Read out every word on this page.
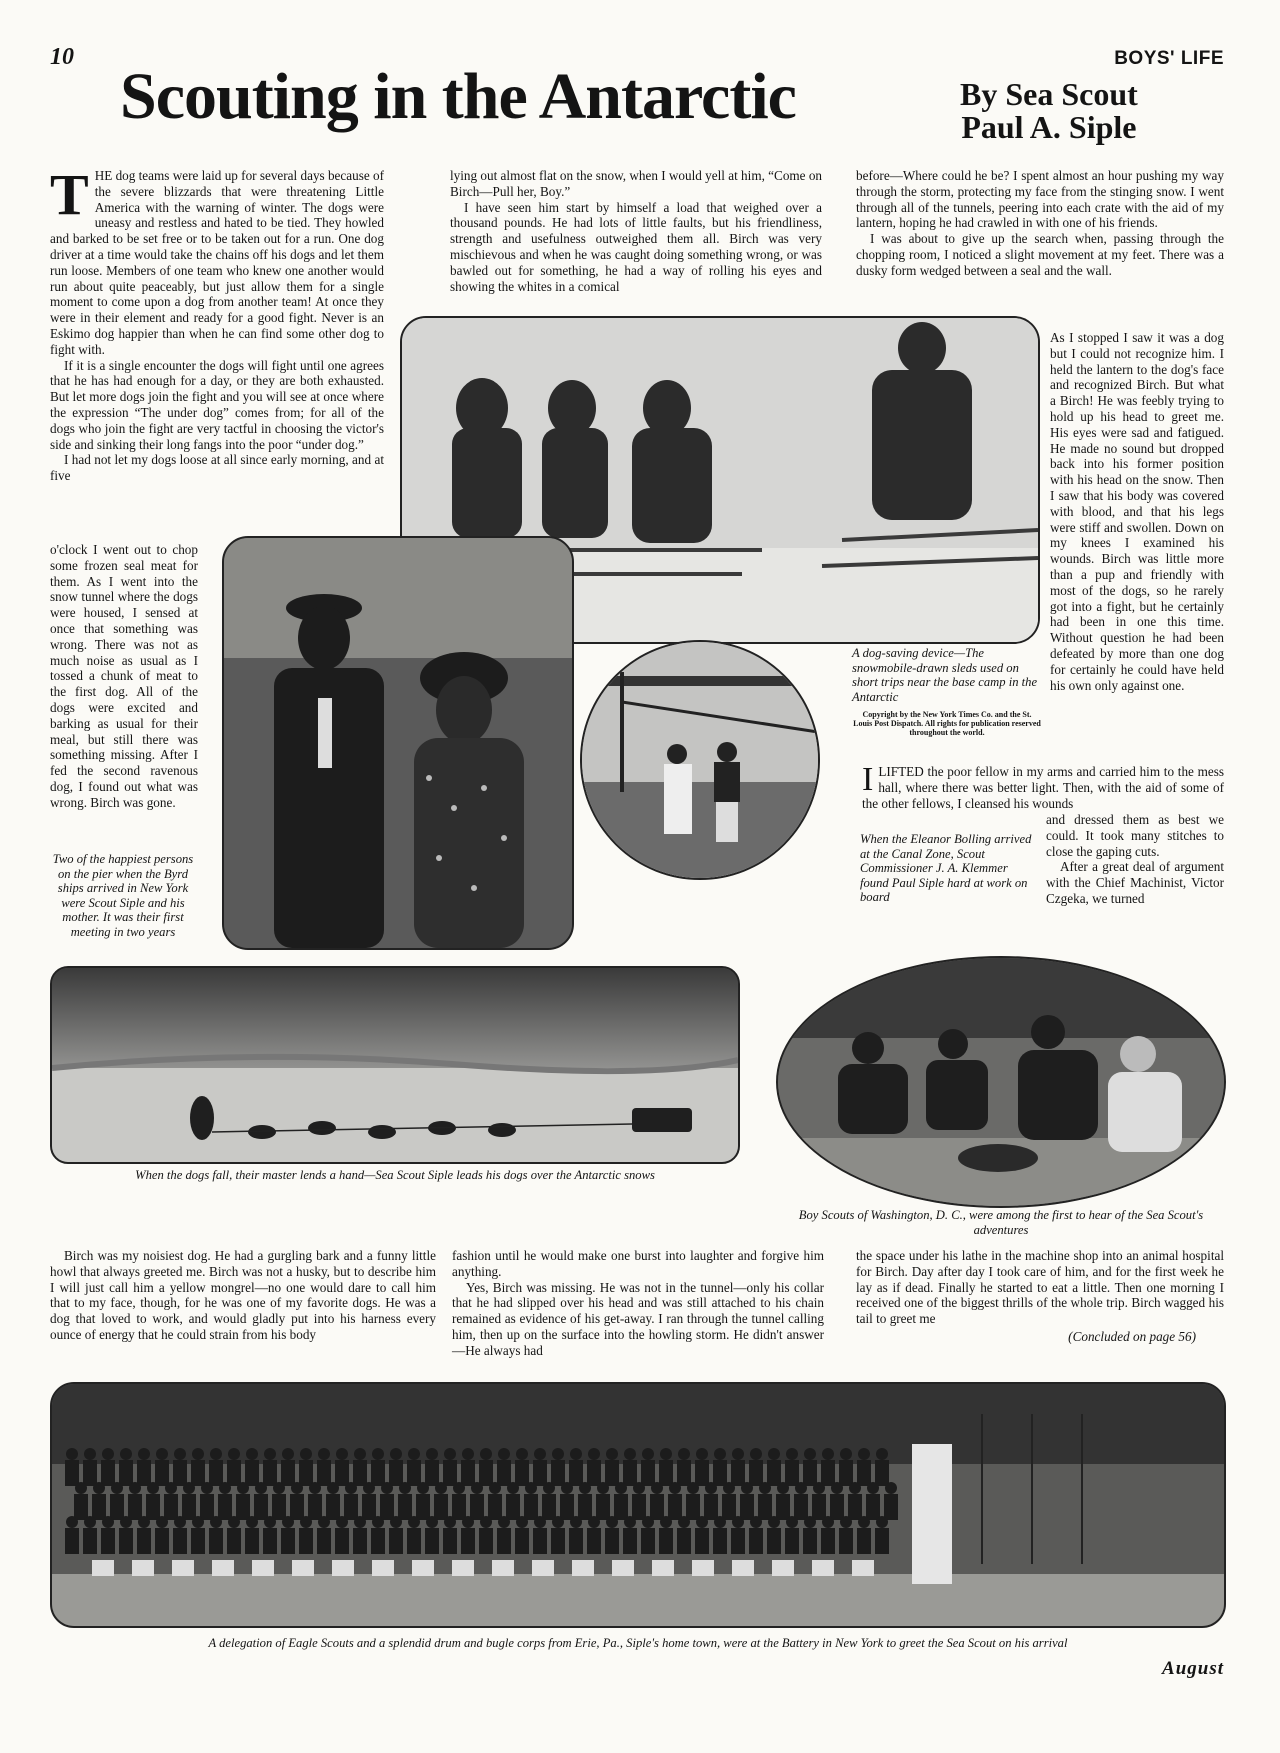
10	BOYS' LIFE
Scouting in the Antarctic	By Sea Scout
Paul A. Siple
T HE dog teams were laid up for several days because of the severe blizzards that were threatening Little America with the warning of winter. The dogs were uneasy and restless and hated to be tied. They howled and barked to be set free or to be taken out for a run. One dog driver at a time would take the chains off his dogs and let them run loose. Members of one team who knew one another would run about quite peaceably, but just allow them for a single moment to come upon a dog from another team! At once they were in their element and ready for a good fight. Never is an Eskimo dog happier than when he can find some other dog to fight with.

If it is a single encounter the dogs will fight until one agrees that he has had enough for a day, or they are both exhausted. But let more dogs join the fight and you will see at once where the expression “The under dog” comes from; for all of the dogs who join the fight are very tactful in choosing the victor's side and sinking their long fangs into the poor “under dog.”

I had not let my dogs loose at all since early morning, and at five

o'clock I went out to chop some frozen seal meat for them. As I went into the snow tunnel where the dogs were housed, I sensed at once that something was wrong. There was not as much noise as usual as I tossed a chunk of meat to the first dog. All of the dogs were excited and barking as usual for their meal, but still there was something missing. After I fed the second ravenous dog, I found out what was wrong. Birch was gone.

Two of the happiest persons on the pier when the Byrd ships arrived in New York were Scout Siple and his mother. It was their first meeting in two years

lying out almost flat on the snow, when I would yell at him, “Come on Birch—Pull her, Boy.”

I have seen him start by himself a load that weighed over a thousand pounds. He had lots of little faults, but his friendliness, strength and usefulness outweighed them all. Birch was very mischievous and when he was caught doing something wrong, or was bawled out for something, he had a way of rolling his eyes and showing the whites in a comical

before—Where could he be? I spent almost an hour pushing my way through the storm, protecting my face from the stinging snow. I went through all of the tunnels, peering into each crate with the aid of my lantern, hoping he had crawled in with one of his friends.

I was about to give up the search when, passing through the chopping room, I noticed a slight movement at my feet. There was a dusky form wedged between a seal and the wall.

As I stopped I saw it was a dog but I could not recognize him. I held the lantern to the dog's face and recognized Birch. But what a Birch! He was feebly trying to hold up his head to greet me. His eyes were sad and fatigued. He made no sound but dropped back into his former position with his head on the snow. Then I saw that his body was covered with blood, and that his legs were stiff and swollen. Down on my knees I examined his wounds. Birch was little more than a pup and friendly with most of the dogs, so he rarely got into a fight, but he certainly had been in one this time. Without question he had been defeated by more than one dog for certainly he could have held his own only against one.

I LIFTED the poor fellow in my arms and carried him to the mess hall, where there was better light. Then, with the aid of some of the other fellows, I cleansed his wounds

and dressed them as best we could. It took many stitches to close the gaping cuts.

After a great deal of argument with the Chief Machinist, Victor Czgeka, we turned

A dog-saving device—The snowmobile-drawn sleds used on short trips near the base camp in the Antarctic
Copyright by the New York Times Co. and the St. Louis Post Dispatch. All rights for publication reserved throughout the world.
When the Eleanor Bolling arrived at the Canal Zone, Scout Commissioner J. A. Klemmer found Paul Siple hard at work on board
When the dogs fall, their master lends a hand—Sea Scout Siple leads his dogs over the Antarctic snows
Boy Scouts of Washington, D. C., were among the first to hear of the Sea Scout's adventures

Birch was my noisiest dog. He had a gurgling bark and a funny little howl that always greeted me. Birch was not a husky, but to describe him I will just call him a yellow mongrel—no one would dare to call him that to my face, though, for he was one of my favorite dogs. He was a dog that loved to work, and would gladly put into his harness every ounce of energy that he could strain from his body

fashion until he would make one burst into laughter and forgive him anything.

Yes, Birch was missing. He was not in the tunnel—only his collar that he had slipped over his head and was still attached to his chain remained as evidence of his get-away. I ran through the tunnel calling him, then up on the surface into the howling storm. He didn't answer—He always had

the space under his lathe in the machine shop into an animal hospital for Birch. Day after day I took care of him, and for the first week he lay as if dead. Finally he started to eat a little. Then one morning I received one of the biggest thrills of the whole trip. Birch wagged his tail to greet me

(Concluded on page 56)
A delegation of Eagle Scouts and a splendid drum and bugle corps from Erie, Pa., Siple's home town, were at the Battery in New York to greet the Sea Scout on his arrival
August
